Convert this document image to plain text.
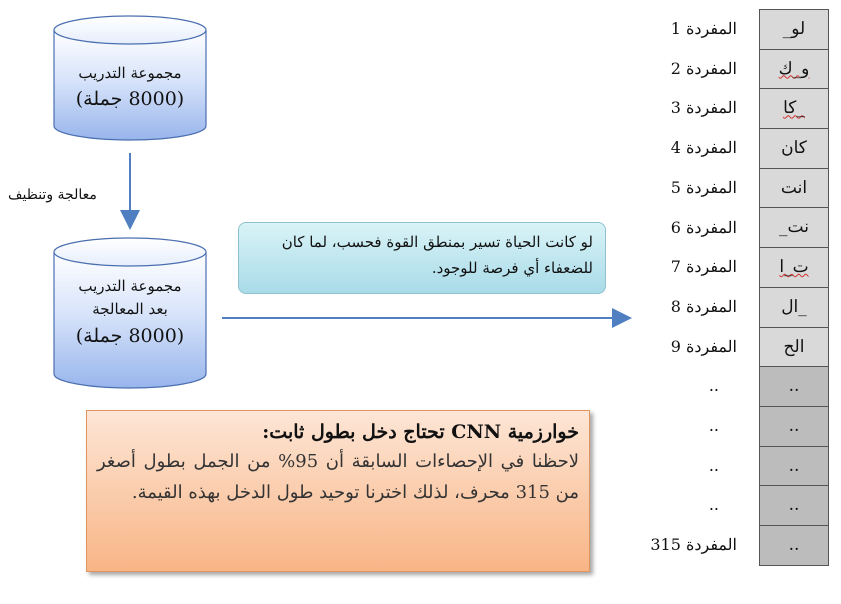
مجموعة التدريب
(8000 جملة)
معالجة وتنظيف
مجموعة التدريب
بعد المعالجة
(8000 جملة)
لو كانت الحياة تسير بمنطق القوة فحسب، لما كان للضعفاء أي فرصة للوجود.
خوارزمية CNN تحتاج دخل بطول ثابت:
لاحظنا في الإحصاءات السابقة أن 95% من الجمل بطول أصغر من 315 محرف، لذلك اخترنا توحيد طول الدخل بهذه القيمة.
المفردة 1
المفردة 2
المفردة 3
المفردة 4
المفردة 5
المفردة 6
المفردة 7
المفردة 8
المفردة 9
..
..
..
..
المفردة 315
لو_
و_ك
_كا
كان
انت
نت_
ت_ا
_ال
الح
..
..
..
..
..
